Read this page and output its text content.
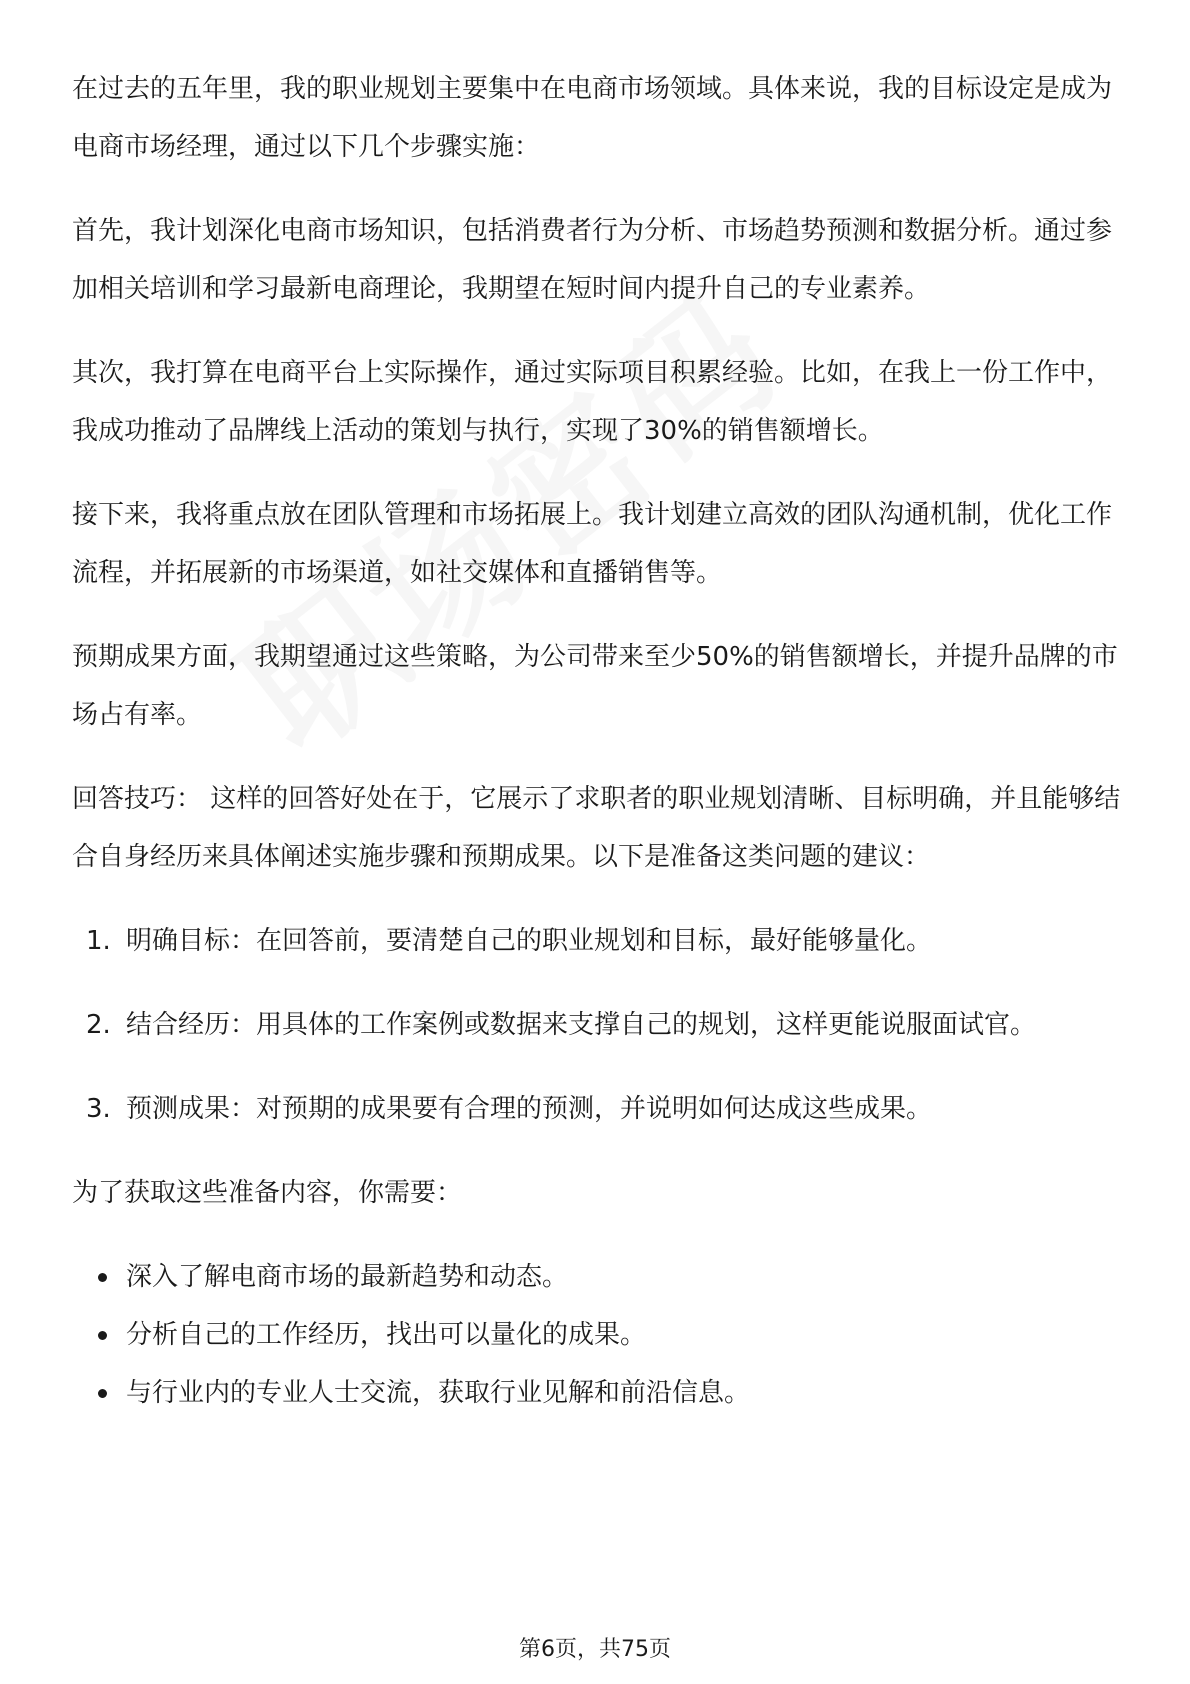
在过去的五年里，我的职业规划主要集中在电商市场领域。具体来说，我的目标设定是成为电商市场经理，通过以下几个步骤实施：

首先，我计划深化电商市场知识，包括消费者行为分析、市场趋势预测和数据分析。通过参加相关培训和学习最新电商理论，我期望在短时间内提升自己的专业素养。

其次，我打算在电商平台上实际操作，通过实际项目积累经验。比如，在我上一份工作中，我成功推动了品牌线上活动的策划与执行，实现了30%的销售额增长。

接下来，我将重点放在团队管理和市场拓展上。我计划建立高效的团队沟通机制，优化工作流程，并拓展新的市场渠道，如社交媒体和直播销售等。

预期成果方面，我期望通过这些策略，为公司带来至少50%的销售额增长，并提升品牌的市场占有率。

回答技巧： 这样的回答好处在于，它展示了求职者的职业规划清晰、目标明确，并且能够结合自身经历来具体阐述实施步骤和预期成果。以下是准备这类问题的建议：

1. 明确目标：在回答前，要清楚自己的职业规划和目标，最好能够量化。
2. 结合经历：用具体的工作案例或数据来支撑自己的规划，这样更能说服面试官。
3. 预测成果：对预期的成果要有合理的预测，并说明如何达成这些成果。

为了获取这些准备内容，你需要：

深入了解电商市场的最新趋势和动态。
分析自己的工作经历，找出可以量化的成果。
与行业内的专业人士交流，获取行业见解和前沿信息。
第6页，共75页
